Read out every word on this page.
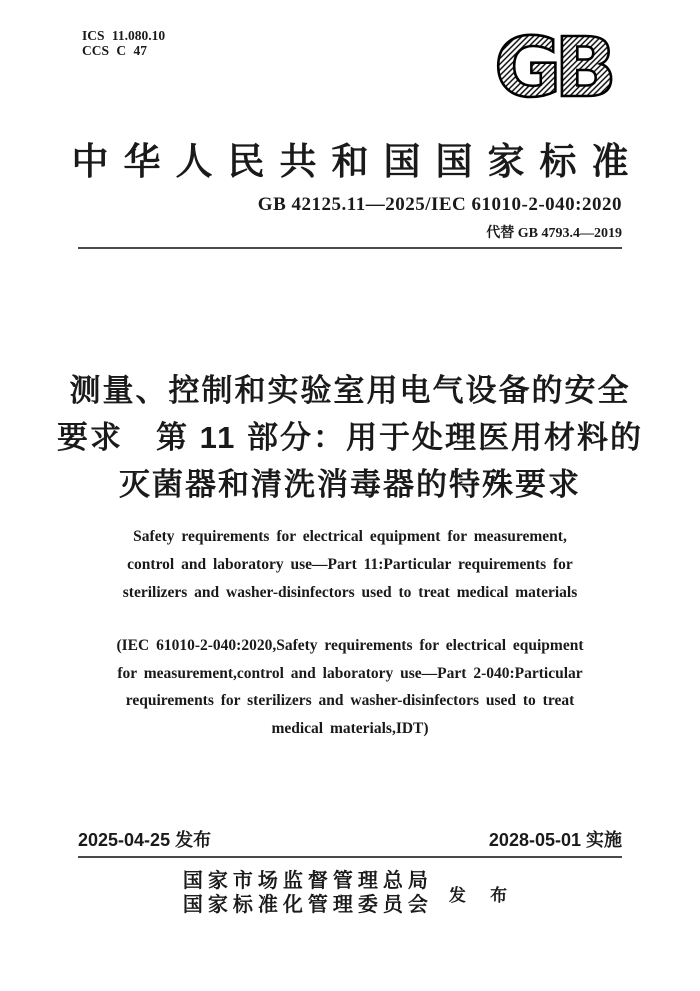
ICS 11.080.10
CCS C 47	GB
中华人民共和国国家标准
GB 42125.11—2025/IEC 61010-2-040:2020
代替 GB 4793.4—2019
测量、控制和实验室用电气设备的安全
要求　第 11 部分：用于处理医用材料的
灭菌器和清洗消毒器的特殊要求
Safety requirements for electrical equipment for measurement,
control and laboratory use—Part 11:Particular requirements for
sterilizers and washer-disinfectors used to treat medical materials
(IEC 61010-2-040:2020,Safety requirements for electrical equipment
for measurement,control and laboratory use—Part 2-040:Particular
requirements for sterilizers and washer-disinfectors used to treat
medical materials,IDT)
2025-04-25 发布	2028-05-01 实施
国家市场监督管理总局
国家标准化管理委员会 发 布
